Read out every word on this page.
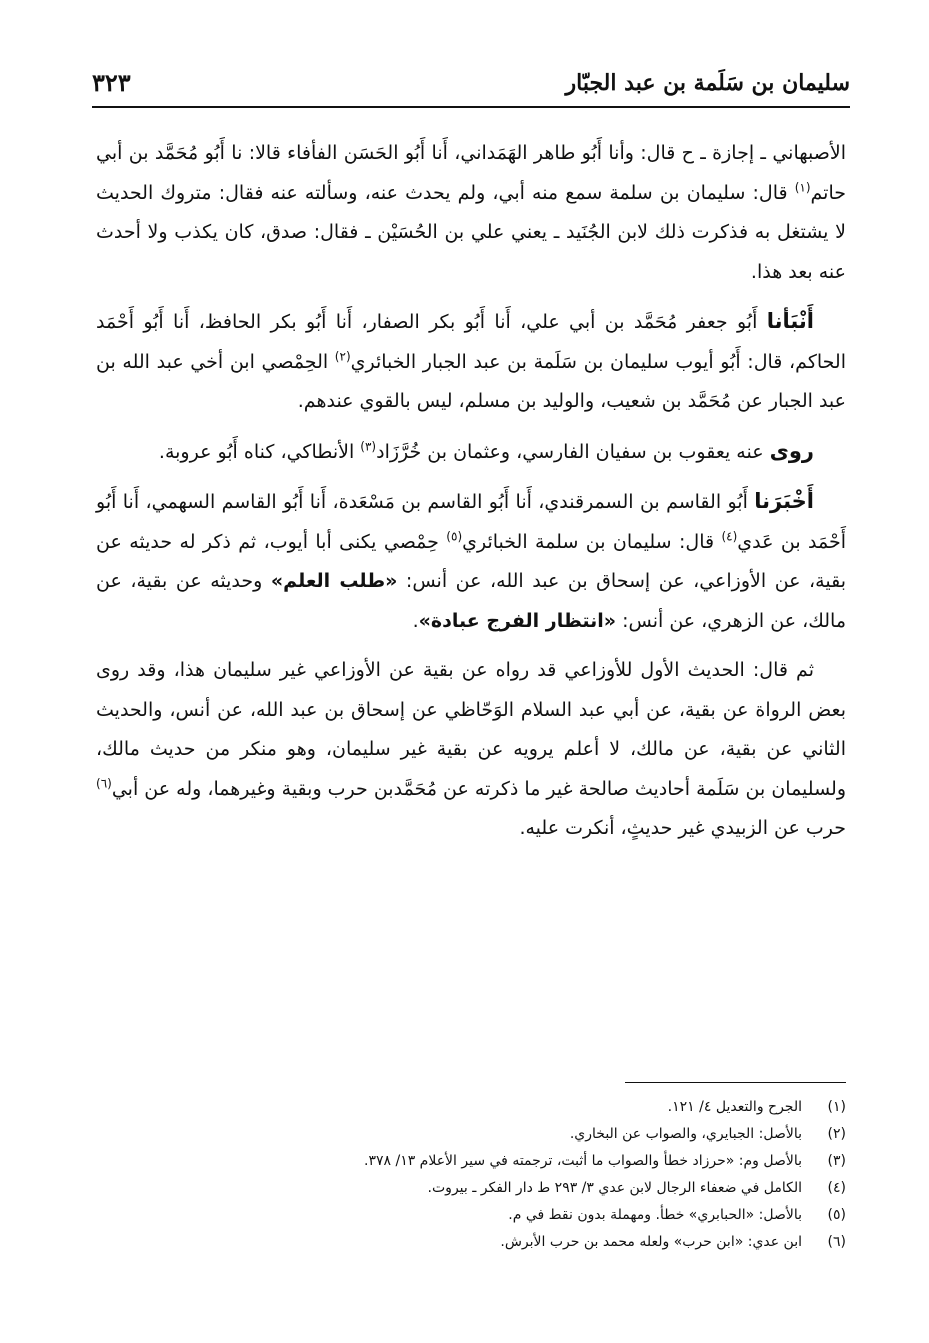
سليمان بن سَلَمة بن عبد الجبّار
٣٢٣

الأصبهاني ـ إجازة ـ ح قال: وأنا أَبُو طاهر الهَمَداني، أَنا أَبُو الحَسَن الفأفاء قالا: نا أَبُو مُحَمَّد بن أبي حاتم$^{(١)}$ قال: سليمان بن سلمة سمع منه أبي، ولم يحدث عنه، وسألته عنه فقال: متروك الحديث لا يشتغل به فذكرت ذلك لابن الجُنَيد ـ يعني علي بن الحُسَيْن ـ فقال: صدق، كان يكذب ولا أحدث عنه بعد هذا.

أَنْبَأنا أَبُو جعفر مُحَمَّد بن أبي علي، أَنا أَبُو بكر الصفار، أَنا أَبُو بكر الحافظ، أَنا أَبُو أَحْمَد الحاكم، قال: أَبُو أيوب سليمان بن سَلَمة بن عبد الجبار الخبائري$^{(٢)}$ الحِمْصي ابن أخي عبد الله بن عبد الجبار عن مُحَمَّد بن شعيب، والوليد بن مسلم، ليس بالقوي عندهم.

روى عنه يعقوب بن سفيان الفارسي، وعثمان بن خُرَّزَاد$^{(٣)}$ الأنطاكي، كناه أَبُو عروبة.

أَخْبَرَنا أَبُو القاسم بن السمرقندي، أَنا أَبُو القاسم بن مَسْعَدة، أَنا أَبُو القاسم السهمي، أَنا أَبُو أَحْمَد بن عَدي$^{(٤)}$ قال: سليمان بن سلمة الخبائري$^{(٥)}$ حِمْصي يكنى أبا أيوب، ثم ذكر له حديثه عن بقية، عن الأوزاعي، عن إسحاق بن عبد الله، عن أنس: «طلب العلم» وحديثه عن بقية، عن مالك، عن الزهري، عن أنس: «انتظار الفرج عبادة».

ثم قال: الحديث الأول للأوزاعي قد رواه عن بقية عن الأوزاعي غير سليمان هذا، وقد روى بعض الرواة عن بقية، عن أبي عبد السلام الوَحّاظي عن إسحاق بن عبد الله، عن أنس، والحديث الثاني عن بقية، عن مالك، لا أعلم يرويه عن بقية غير سليمان، وهو منكر من حديث مالك، ولسليمان بن سَلَمة أحاديث صالحة غير ما ذكرته عن مُحَمَّدبن حرب وبقية وغيرهما، وله عن أبي$^{(٦)}$ حرب عن الزبيدي غير حديثٍ، أنكرت عليه.

(١)
الجرح والتعديل ٤/ ١٢١.
(٢)
بالأصل: الجبايري، والصواب عن البخاري.
(٣)
بالأصل وم: «حرزاد خطأ والصواب ما أثبت، ترجمته في سير الأعلام ١٣/ ٣٧٨.
(٤)
الكامل في ضعفاء الرجال لابن عدي ٣/ ٢٩٣ ط دار الفكر ـ بيروت.
(٥)
بالأصل: «الحبابري» خطأ. ومهملة بدون نقط في م.
(٦)
ابن عدي: «ابن حرب» ولعله محمد بن حرب الأبرش.
